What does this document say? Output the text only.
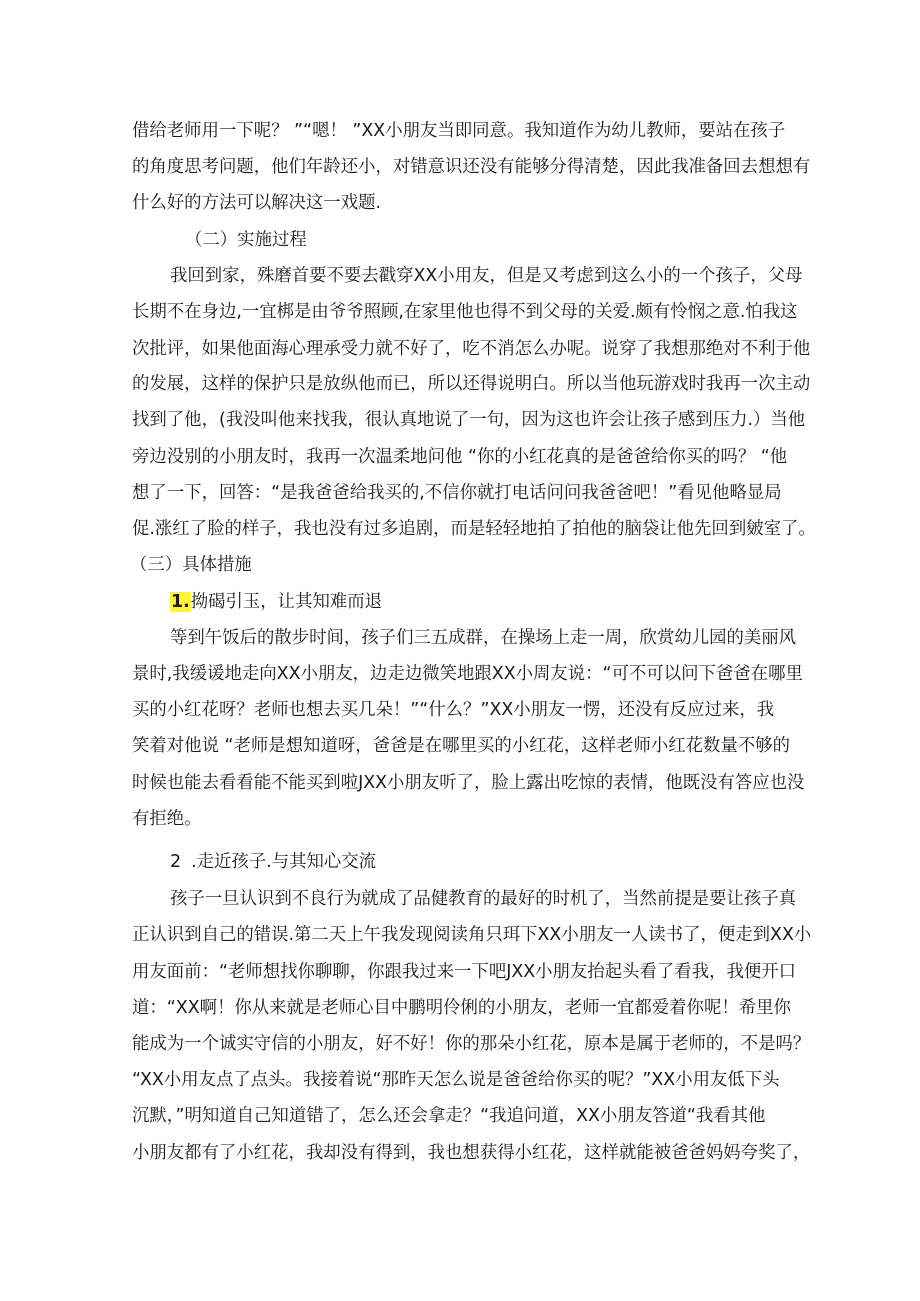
借给老师用一下呢？ ”“嗯！ ”XX小朋友当即同意。我知道作为幼儿教师，要站在孩子
的角度思考问题，他们年龄还小，对错意识还没有能够分得清楚，因此我准备回去想想有
什么好的方法可以解决这一戏题.
（二）实施过程
我回到家，殊磨首要不要去戳穿XX小用友，但是又考虑到这么小的一个孩子，父母
长期不在身边,一宜梆是由爷爷照顾,在家里他也得不到父母的关爱.颇有怜悯之意.怕我这
次批评，如果他面海心理承受力就不好了，吃不消怎么办呢。说穿了我想那绝对不利于他
的发展，这样的保护只是放纵他而已，所以还得说明白。所以当他玩游戏时我再一次主动
找到了他，(我没叫他来找我，很认真地说了一句，因为这也许会让孩子感到压力.）当他
旁边没别的小朋友时，我再一次温柔地问他 “你的小红花真的是爸爸给你买的吗？ “他
想了一下，回答：“是我爸爸给我买的,不信你就打电话问问我爸爸吧！”看见他略显局
促.涨红了脸的样子，我也没有过多追剧，而是轻轻地拍了拍他的脑袋让他先回到皴室了。
（三）具体措施
1.拗碣引玉，让其知难而退
等到午饭后的散步时间，孩子们三五成群，在操场上走一周，欣赏幼儿园的美丽风
景时,我缓谖地走向XX小朋友，边走边微笑地跟XX小周友说：“可不可以问下爸爸在哪里
买的小红花呀？老师也想去买几朵！”“什么？”XX小朋友一愣，还没有反应过来，我
笑着对他说 “老师是想知道呀，爸爸是在哪里买的小红花，这样老师小红花数量不够的
时候也能去看看能不能买到啦JXX小朋友听了，脸上露出吃惊的表情，他既没有答应也没
有拒绝。
2 .走近孩子.与其知心交流
孩子一旦认识到不良行为就成了品健教育的最好的时机了，当然前提是要让孩子真
正认识到自己的错误.第二天上午我发现阅读角只珥下XX小朋友一人读书了，便走到XX小
用友面前：“老师想找你聊聊，你跟我过来一下吧JXX小朋友抬起头看了看我，我便开口
道：“XX啊！你从来就是老师心目中鹏明伶俐的小朋友，老师一宜都爱着你呢！希里你
能成为一个诚实守信的小朋友，好不好！你的那朵小红花，原本是属于老师的，不是吗？
“XX小用友点了点头。我接着说“那昨天怎么说是爸爸给你买的呢？”XX小用友低下头
沉默，”明知道自己知道错了，怎么还会拿走？“我追问道，XX小朋友答道“我看其他
小朋友都有了小红花，我却没有得到，我也想获得小红花，这样就能被爸爸妈妈夸奖了，
